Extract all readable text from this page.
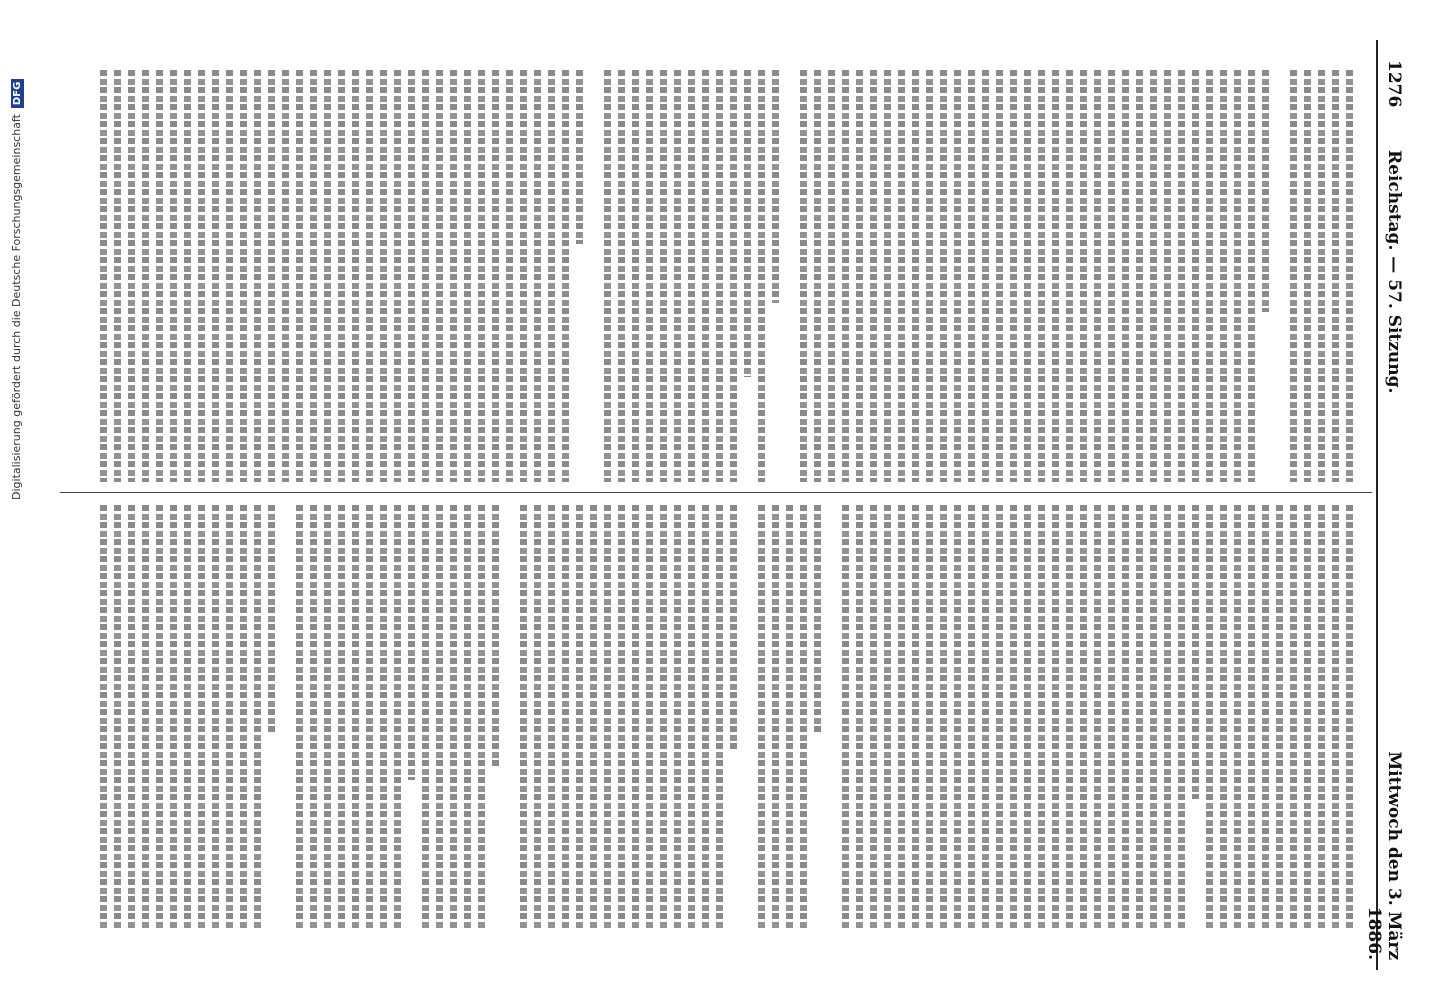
1276
Reichstag. — 57. Sitzung.
Mittwoch den 3. März 1886.
Digitalisierung gefördert durch die Deutsche ForschungsgemeinschaftDFG
